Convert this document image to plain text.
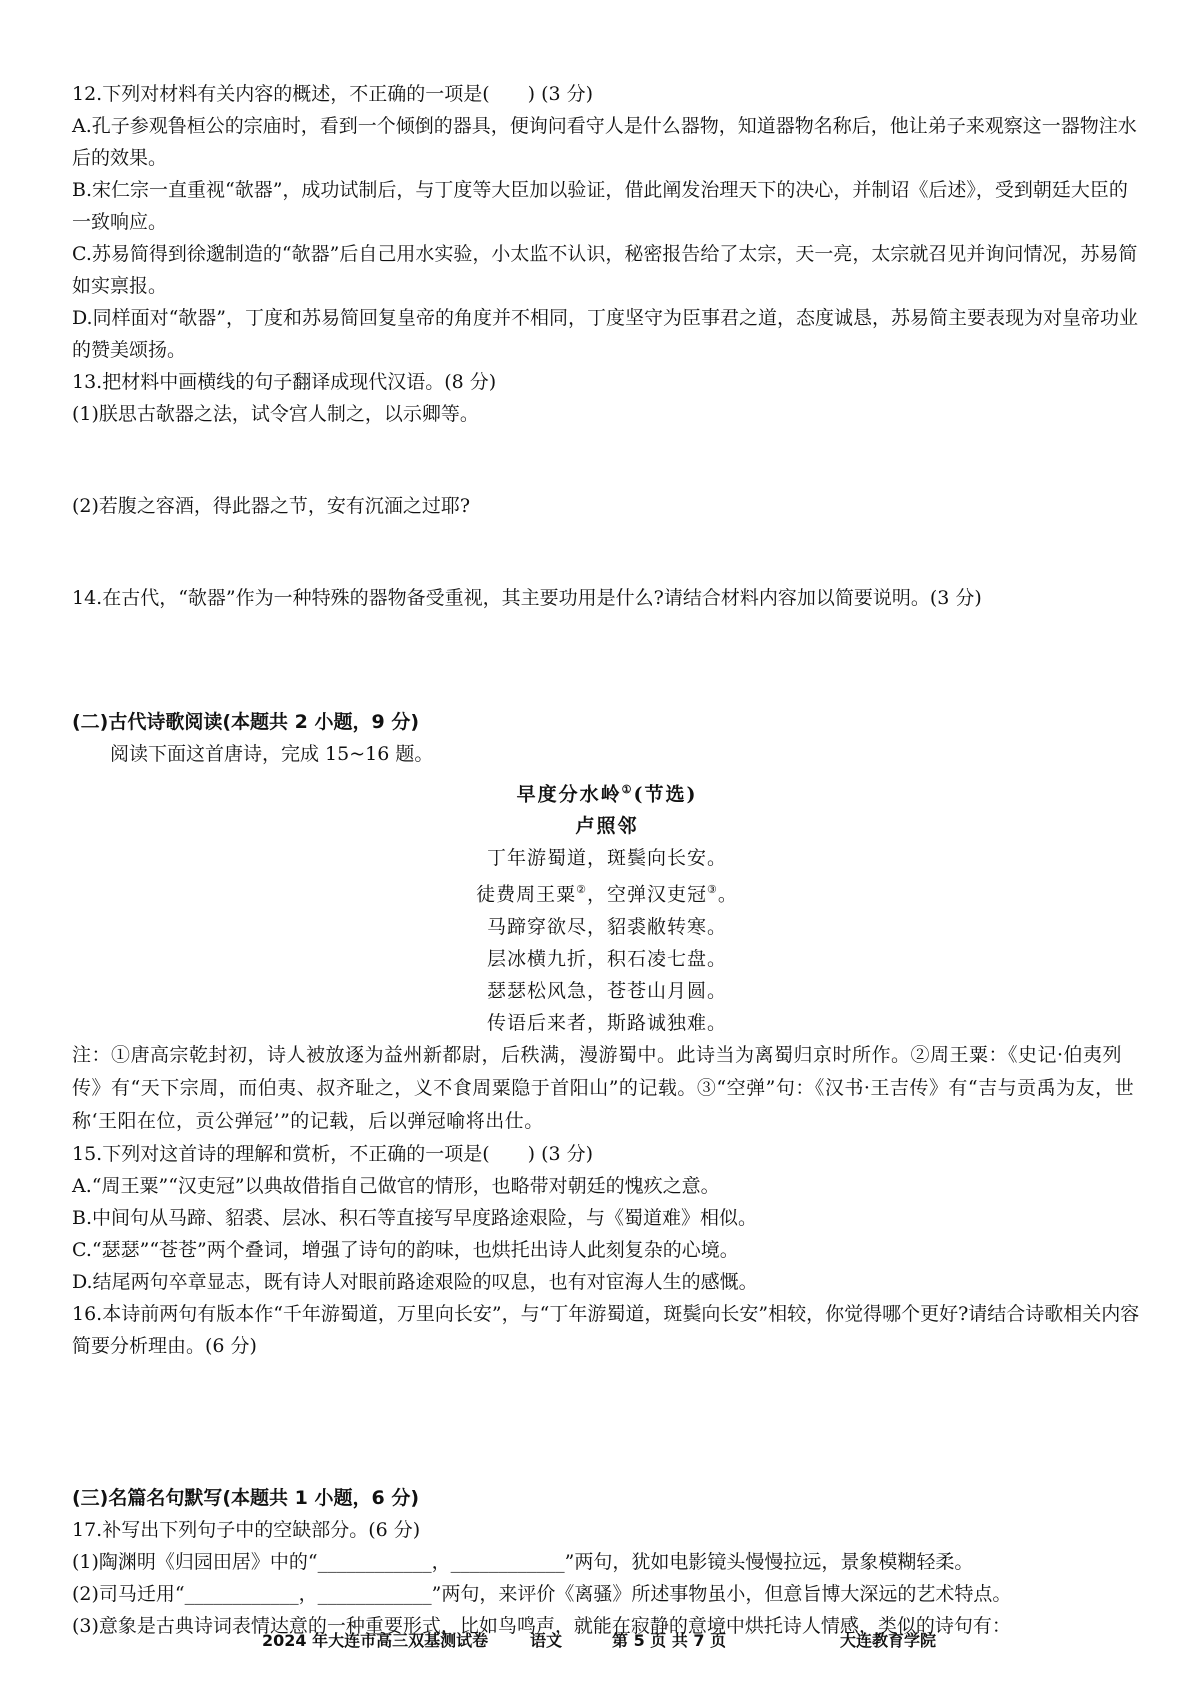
12.下列对材料有关内容的概述，不正确的一项是(　　) (3 分)

A.孔子参观鲁桓公的宗庙时，看到一个倾倒的器具，便询问看守人是什么器物，知道器物名称后，他让弟子来观察这一器物注水后的效果。

B.宋仁宗一直重视“欹器”，成功试制后，与丁度等大臣加以验证，借此阐发治理天下的决心，并制诏《后述》，受到朝廷大臣的一致响应。

C.苏易简得到徐邈制造的“欹器”后自己用水实验，小太监不认识，秘密报告给了太宗，天一亮，太宗就召见并询问情况，苏易简如实禀报。

D.同样面对“欹器”，丁度和苏易简回复皇帝的角度并不相同，丁度坚守为臣事君之道，态度诚恳，苏易简主要表现为对皇帝功业的赞美颂扬。

13.把材料中画横线的句子翻译成现代汉语。(8 分)

(1)朕思古欹器之法，试令宫人制之，以示卿等。

(2)若腹之容酒，得此器之节，安有沉湎之过耶?

14.在古代，“欹器”作为一种特殊的器物备受重视，其主要功用是什么?请结合材料内容加以简要说明。(3 分)

(二)古代诗歌阅读(本题共 2 小题，9 分)

阅读下面这首唐诗，完成 15~16 题。

早度分水岭①(节选)

卢照邻

丁年游蜀道，斑鬓向长安。

徒费周王粟②，空弹汉吏冠③。

马蹄穿欲尽，貂裘敝转寒。

层冰横九折，积石凌七盘。

瑟瑟松风急，苍苍山月圆。

传语后来者，斯路诚独难。

注：①唐高宗乾封初，诗人被放逐为益州新都尉，后秩满，漫游蜀中。此诗当为离蜀归京时所作。②周王粟：《史记·伯夷列传》有“天下宗周，而伯夷、叔齐耻之，义不食周粟隐于首阳山”的记载。③“空弹”句：《汉书·王吉传》有“吉与贡禹为友，世称‘王阳在位，贡公弹冠’”的记载，后以弹冠喻将出仕。

15.下列对这首诗的理解和赏析，不正确的一项是(　　) (3 分)

A.“周王粟”“汉吏冠”以典故借指自己做官的情形，也略带对朝廷的愧疚之意。

B.中间句从马蹄、貂裘、层冰、积石等直接写早度路途艰险，与《蜀道难》相似。

C.“瑟瑟”“苍苍”两个叠词，增强了诗句的韵味，也烘托出诗人此刻复杂的心境。

D.结尾两句卒章显志，既有诗人对眼前路途艰险的叹息，也有对宦海人生的感慨。

16.本诗前两句有版本作“千年游蜀道，万里向长安”，与“丁年游蜀道，斑鬓向长安”相较，你觉得哪个更好?请结合诗歌相关内容简要分析理由。(6 分)

(三)名篇名句默写(本题共 1 小题，6 分)

17.补写出下列句子中的空缺部分。(6 分)

(1)陶渊明《归园田居》中的“____________，____________”两句，犹如电影镜头慢慢拉远，景象模糊轻柔。

(2)司马迁用“____________，____________”两句，来评价《离骚》所述事物虽小，但意旨博大深远的艺术特点。

(3)意象是古典诗词表情达意的一种重要形式，比如鸟鸣声，就能在寂静的意境中烘托诗人情感，类似的诗句有：

2024 年大连市高三双基测试卷	语文	第 5 页 共 7 页	大连教育学院
